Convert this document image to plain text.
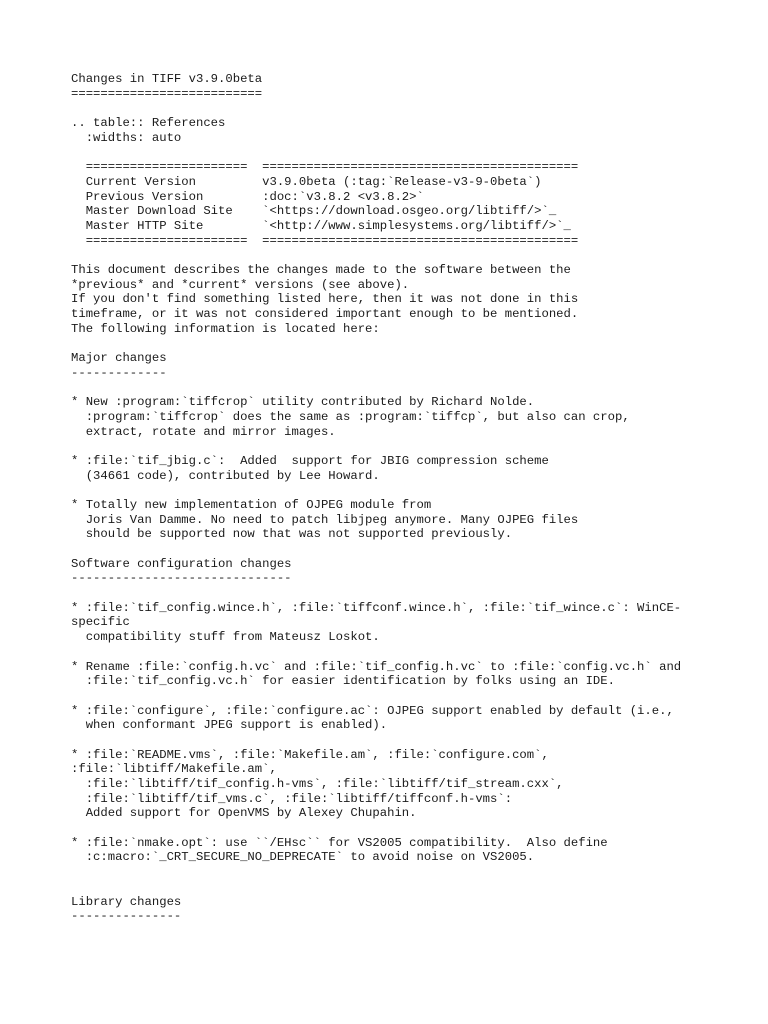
Changes in TIFF v3.9.0beta
==========================
.. table:: References
:widths: auto
======================  ===========================================
Current Version         v3.9.0beta (:tag:`Release-v3-9-0beta`)
Previous Version        :doc:`v3.8.2 <v3.8.2>`
Master Download Site    `<https://download.osgeo.org/libtiff/>`_
Master HTTP Site        `<http://www.simplesystems.org/libtiff/>`_
======================  ===========================================
This document describes the changes made to the software between the
*previous* and *current* versions (see above).
If you don't find something listed here, then it was not done in this
timeframe, or it was not considered important enough to be mentioned.
The following information is located here:
Major changes
-------------
* New :program:`tiffcrop` utility contributed by Richard Nolde.
:program:`tiffcrop` does the same as :program:`tiffcp`, but also can crop,
extract, rotate and mirror images.
* :file:`tif_jbig.c`:  Added  support for JBIG compression scheme
(34661 code), contributed by Lee Howard.
* Totally new implementation of OJPEG module from
Joris Van Damme. No need to patch libjpeg anymore. Many OJPEG files
should be supported now that was not supported previously.
Software configuration changes
------------------------------
* :file:`tif_config.wince.h`, :file:`tiffconf.wince.h`, :file:`tif_wince.c`: WinCE-
specific
compatibility stuff from Mateusz Loskot.
* Rename :file:`config.h.vc` and :file:`tif_config.h.vc` to :file:`config.vc.h` and
:file:`tif_config.vc.h` for easier identification by folks using an IDE.
* :file:`configure`, :file:`configure.ac`: OJPEG support enabled by default (i.e.,
when conformant JPEG support is enabled).
* :file:`README.vms`, :file:`Makefile.am`, :file:`configure.com`,
:file:`libtiff/Makefile.am`,
:file:`libtiff/tif_config.h-vms`, :file:`libtiff/tif_stream.cxx`,
:file:`libtiff/tif_vms.c`, :file:`libtiff/tiffconf.h-vms`:
Added support for OpenVMS by Alexey Chupahin.
* :file:`nmake.opt`: use ``/EHsc`` for VS2005 compatibility.  Also define
:c:macro:`_CRT_SECURE_NO_DEPRECATE` to avoid noise on VS2005.
Library changes
---------------
